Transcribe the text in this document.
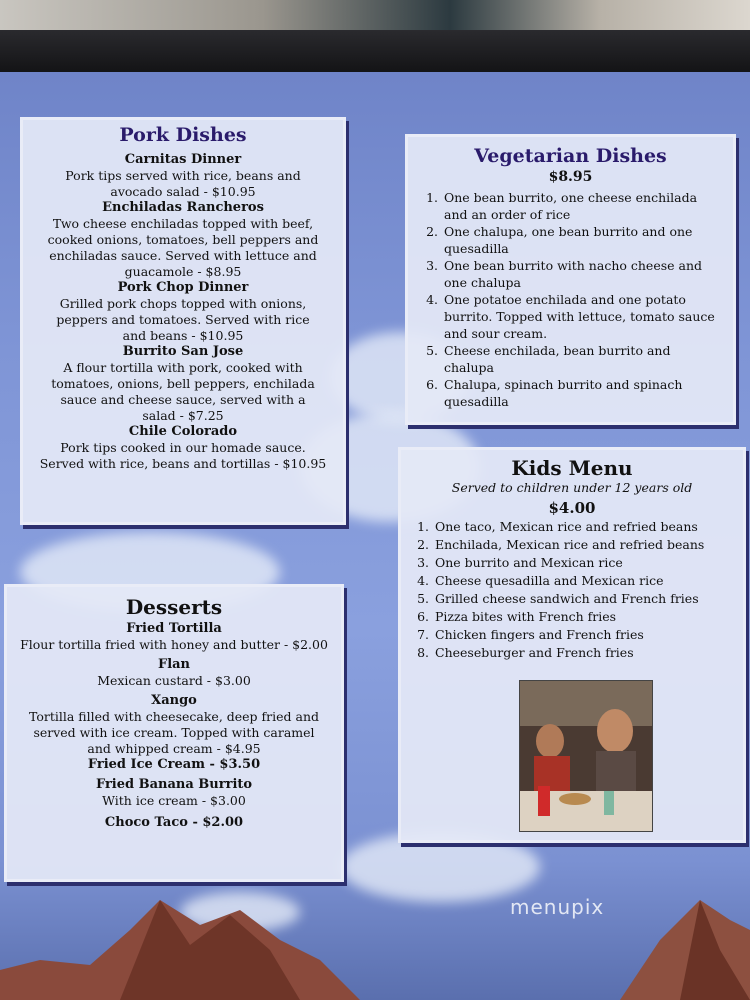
Pork Dishes
Carnitas Dinner
Pork tips served with rice, beans and avocado salad - $10.95
Enchiladas Rancheros
Two cheese enchiladas topped with beef, cooked onions, tomatoes, bell peppers and enchiladas sauce. Served with lettuce and guacamole - $8.95
Pork Chop Dinner
Grilled pork chops topped with onions, peppers and tomatoes. Served with rice and beans - $10.95
Burrito San Jose
A flour tortilla with pork, cooked with tomatoes, onions, bell peppers, enchilada sauce and cheese sauce, served with a salad - $7.25
Chile Colorado
Pork tips cooked in our homade sauce. Served with rice, beans and tortillas - $10.95
Vegetarian Dishes
$8.95
1. One bean burrito, one cheese enchilada and an order of rice
2. One chalupa, one bean burrito and one quesadilla
3. One bean burrito with nacho cheese and one chalupa
4. One potatoe enchilada and one potato burrito. Topped with lettuce, tomato sauce and sour cream.
5. Cheese enchilada, bean burrito and chalupa
6. Chalupa, spinach burrito and spinach quesadilla
Kids Menu
Served to children under 12 years old
$4.00
1. One taco, Mexican rice and refried beans
2. Enchilada, Mexican rice and refried beans
3. One burrito and Mexican rice
4. Cheese quesadilla and Mexican rice
5. Grilled cheese sandwich and French fries
6. Pizza bites with French fries
7. Chicken fingers and French fries
8. Cheeseburger and French fries
Desserts
Fried Tortilla
Flour tortilla fried with honey and butter - $2.00
Flan
Mexican custard - $3.00
Xango
Tortilla filled with cheesecake, deep fried and served with ice cream. Topped with caramel and whipped cream - $4.95
Fried Ice Cream - $3.50
Fried Banana Burrito
With ice cream - $3.00
Choco Taco - $2.00
menupix
